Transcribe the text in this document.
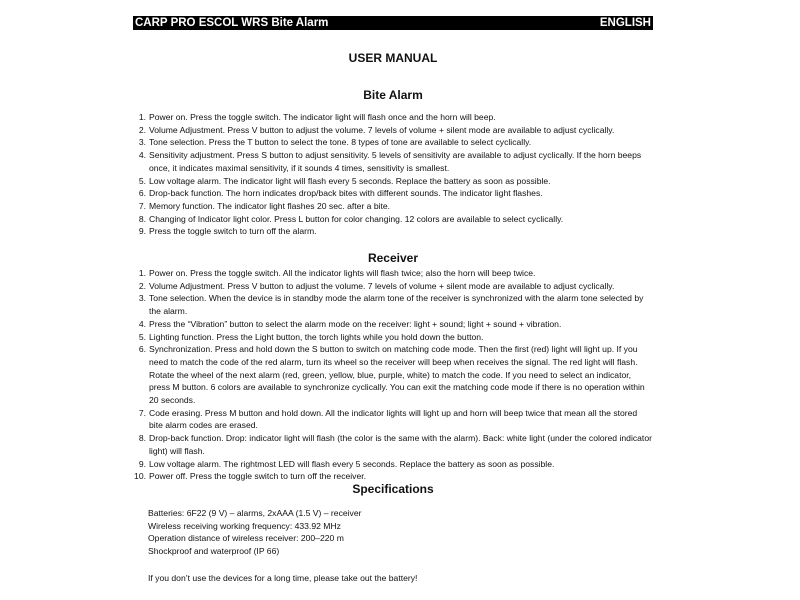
CARP PRO ESCOL WRS Bite Alarm	ENGLISH
USER MANUAL
Bite Alarm
1. Power on. Press the toggle switch. The indicator light will flash once and the horn will beep.
2. Volume Adjustment. Press V button to adjust the volume. 7 levels of volume + silent mode are available to adjust cyclically.
3. Tone selection. Press the T button to select the tone. 8 types of tone are available to select cyclically.
4. Sensitivity adjustment. Press S button to adjust sensitivity. 5 levels of sensitivity are available to adjust cyclically. If the horn beeps once, it indicates maximal sensitivity, if it sounds 4 times, sensitivity is smallest.
5. Low voltage alarm. The indicator light will flash every 5 seconds. Replace the battery as soon as possible.
6. Drop-back function. The horn indicates drop/back bites with different sounds. The indicator light flashes.
7. Memory function. The indicator light flashes 20 sec. after a bite.
8. Changing of Indicator light color. Press L button for color changing. 12 colors are available to select cyclically.
9. Press the toggle switch to turn off the alarm.
Receiver
1. Power on. Press the toggle switch. All the indicator lights will flash twice; also the horn will beep twice.
2. Volume Adjustment. Press V button to adjust the volume. 7 levels of volume + silent mode are available to adjust cyclically.
3. Tone selection. When the device is in standby mode the alarm tone of the receiver is synchronized with the alarm tone selected by the alarm.
4. Press the “Vibration” button to select the alarm mode on the receiver: light + sound; light + sound + vibration.
5. Lighting function. Press the Light button, the torch lights while you hold down the button.
6. Synchronization. Press and hold down the S button to switch on matching code mode. Then the first (red) light will light up. If you need to match the code of the red alarm, turn its wheel so the receiver will beep when receives the signal. The red light will flash. Rotate the wheel of the next alarm (red, green, yellow, blue, purple, white) to match the code. If you need to select an indicator, press M button. 6 colors are available to synchronize cyclically. You can exit the matching code mode if there is no operation within 20 seconds.
7. Code erasing. Press M button and hold down. All the indicator lights will light up and horn will beep twice that mean all the stored bite alarm codes are erased.
8. Drop-back function. Drop: indicator light will flash (the color is the same with the alarm). Back: white light (under the colored indicator light) will flash.
9. Low voltage alarm. The rightmost LED will flash every 5 seconds. Replace the battery as soon as possible.
10. Power off. Press the toggle switch to turn off the receiver.
Specifications
Batteries: 6F22 (9 V) – alarms, 2xAAA (1.5 V) – receiver
Wireless receiving working frequency: 433.92 MHz
Operation distance of wireless receiver: 200–220 m
Shockproof and waterproof (IP 66)
If you don’t use the devices for a long time, please take out the battery!
